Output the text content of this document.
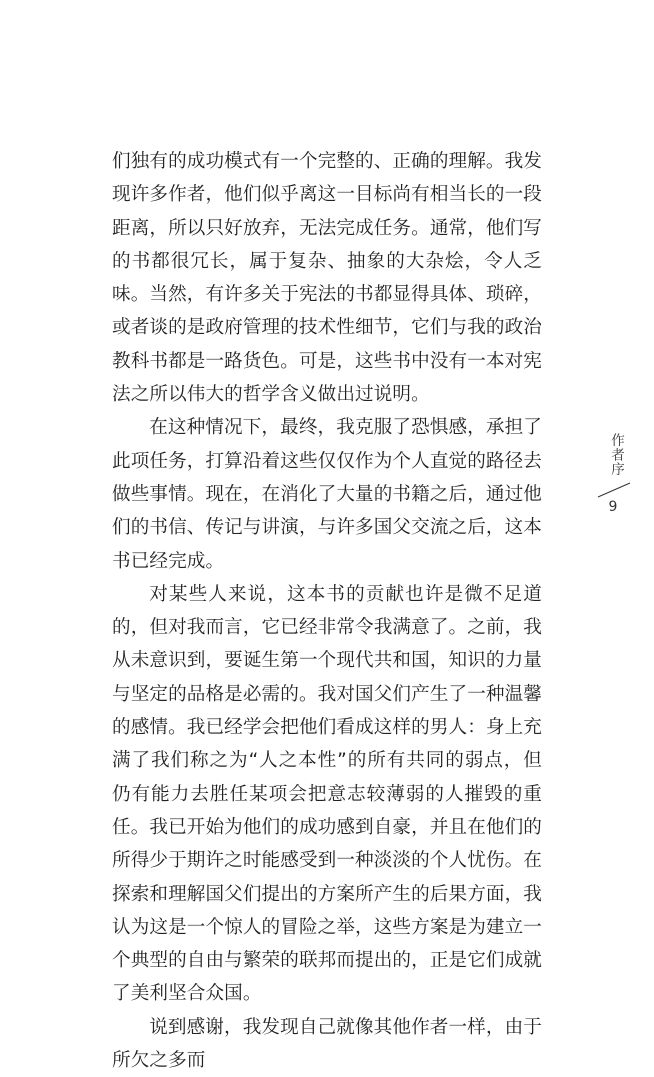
们独有的成功模式有一个完整的、正确的理解。我发现许多作者，他们似乎离这一目标尚有相当长的一段距离，所以只好放弃，无法完成任务。通常，他们写的书都很冗长，属于复杂、抽象的大杂烩，令人乏味。当然，有许多关于宪法的书都显得具体、琐碎，或者谈的是政府管理的技术性细节，它们与我的政治教科书都是一路货色。可是，这些书中没有一本对宪法之所以伟大的哲学含义做出过说明。

在这种情况下，最终，我克服了恐惧感，承担了此项任务，打算沿着这些仅仅作为个人直觉的路径去做些事情。现在，在消化了大量的书籍之后，通过他们的书信、传记与讲演，与许多国父交流之后，这本书已经完成。

对某些人来说，这本书的贡献也许是微不足道的，但对我而言，它已经非常令我满意了。之前，我从未意识到，要诞生第一个现代共和国，知识的力量与坚定的品格是必需的。我对国父们产生了一种温馨的感情。我已经学会把他们看成这样的男人：身上充满了我们称之为“人之本性”的所有共同的弱点，但仍有能力去胜任某项会把意志较薄弱的人摧毁的重任。我已开始为他们的成功感到自豪，并且在他们的所得少于期许之时能感受到一种淡淡的个人忧伤。在探索和理解国父们提出的方案所产生的后果方面，我认为这是一个惊人的冒险之举，这些方案是为建立一个典型的自由与繁荣的联邦而提出的，正是它们成就了美利坚合众国。

说到感谢，我发现自己就像其他作者一样，由于所欠之多而

作者序
9
